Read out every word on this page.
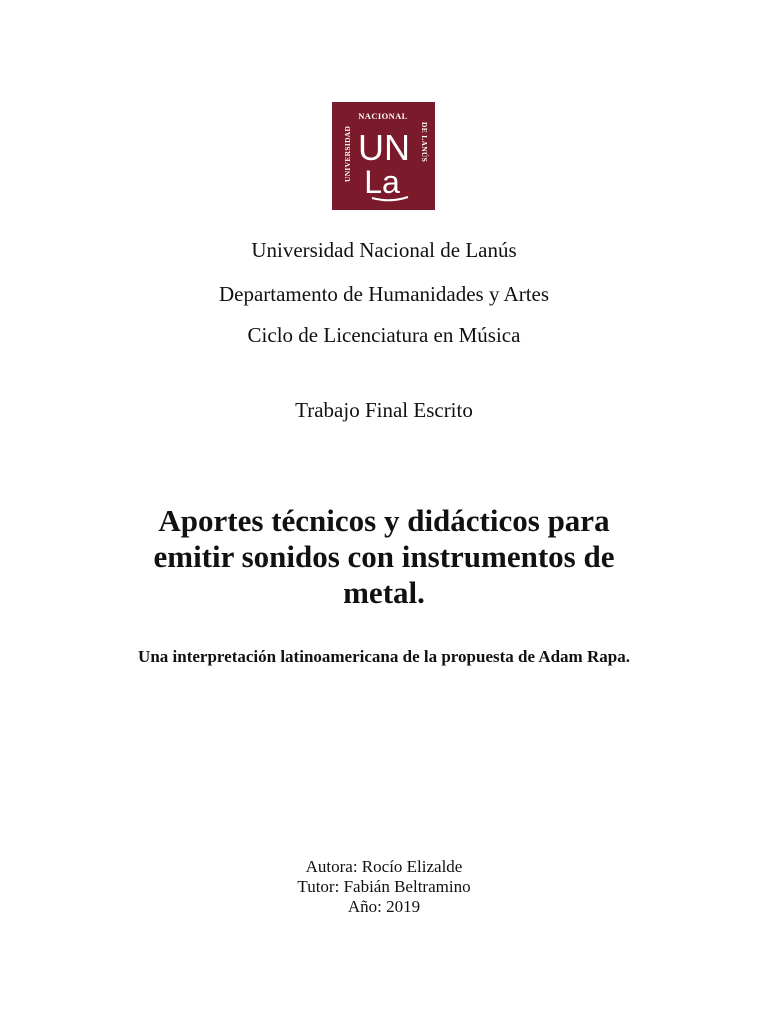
UNIVERSIDAD
NACIONAL
DE LANÚS
UN
La
Universidad Nacional de Lanús
Departamento de Humanidades y Artes
Ciclo de Licenciatura en Música
Trabajo Final Escrito
Aportes técnicos y didácticos para emitir sonidos con instrumentos de metal.
Una interpretación latinoamericana de la propuesta de Adam Rapa.
Autora: Rocío Elizalde
Tutor: Fabián Beltramino
Año: 2019
